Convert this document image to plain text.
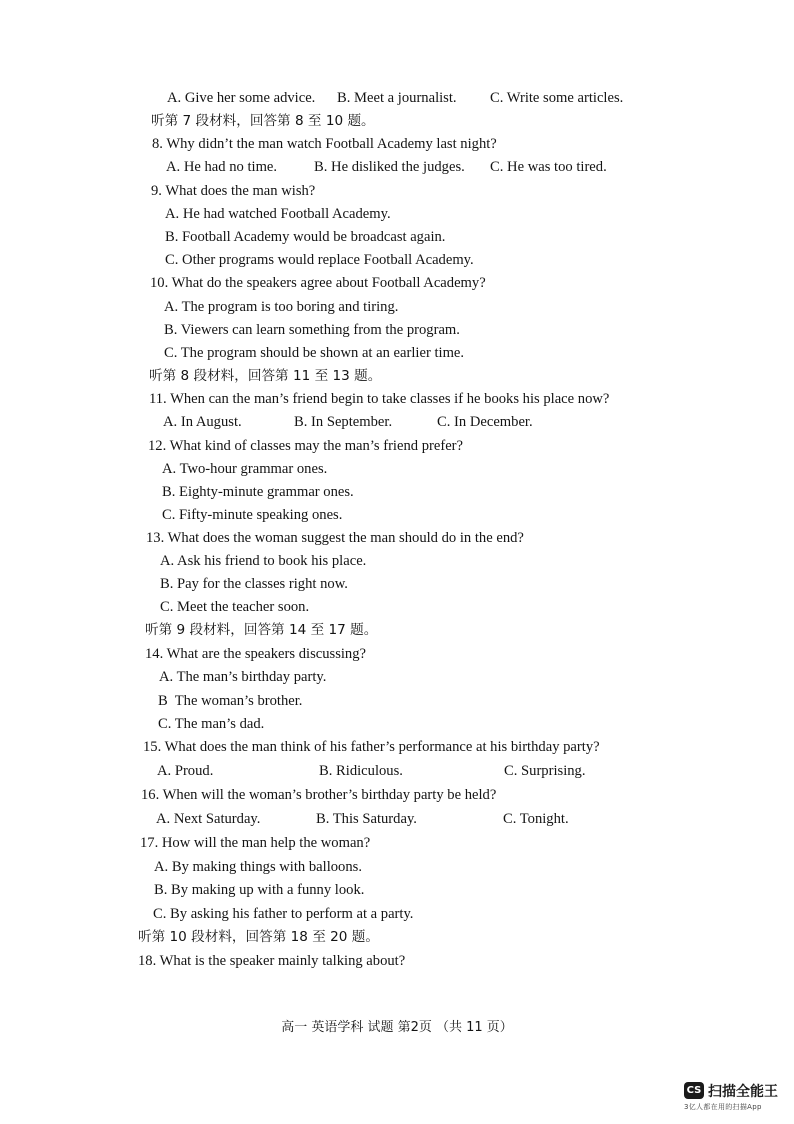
A. Give her some advice. B. Meet a journalist. C. Write some articles.
听第 7 段材料，回答第 8 至 10 题。
8. Why didn’t the man watch Football Academy last night?
A. He had no time.	B. He disliked the judges. C. He was too tired.
9. What does the man wish?
A. He had watched Football Academy.
B. Football Academy would be broadcast again.
C. Other programs would replace Football Academy.
10. What do the speakers agree about Football Academy?
A. The program is too boring and tiring.
B. Viewers can learn something from the program.
C. The program should be shown at an earlier time.
听第 8 段材料，回答第 11 至 13 题。
11. When can the man’s friend begin to take classes if he books his place now?
A. In August.	B. In September.	C. In December.
12. What kind of classes may the man’s friend prefer?
A. Two-hour grammar ones.
B. Eighty-minute grammar ones.
C. Fifty-minute speaking ones.
13. What does the woman suggest the man should do in the end?
A. Ask his friend to book his place.
B. Pay for the classes right now.
C. Meet the teacher soon.
听第 9 段材料，回答第 14 至 17 题。
14. What are the speakers discussing?
A. The man’s birthday party.
B  The woman’s brother.
C. The man’s dad.
15. What does the man think of his father’s performance at his birthday party?
A. Proud.	B. Ridiculous.	C. Surprising.
16. When will the woman’s brother’s birthday party be held?
A. Next Saturday.	B. This Saturday.	C. Tonight.
17. How will the man help the woman?
A. By making things with balloons.
B. By making up with a funny look.
C. By asking his father to perform at a party.
听第 10 段材料，回答第 18 至 20 题。
18. What is the speaker mainly talking about?
高一 英语学科 试题 第2页 （共 11 页）
CS 扫描全能王
3亿人都在用的扫描App
